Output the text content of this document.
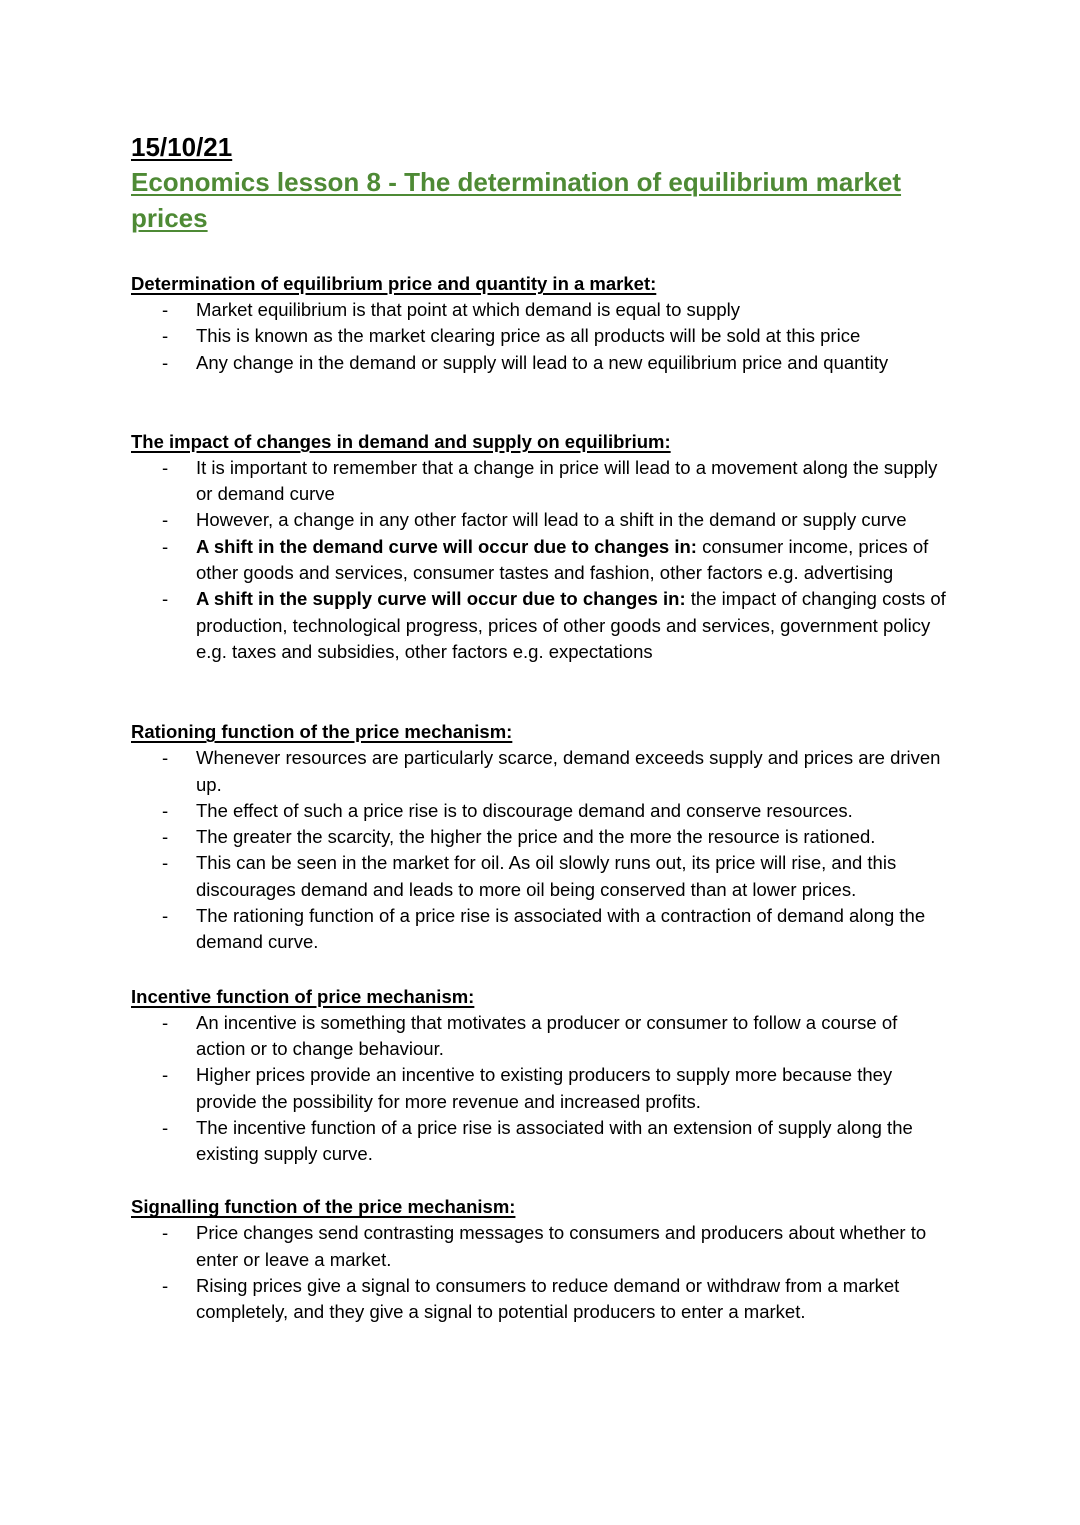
15/10/21

Economics lesson 8 - The determination of equilibrium market prices

Determination of equilibrium price and quantity in a market:

- Market equilibrium is that point at which demand is equal to supply
- This is known as the market clearing price as all products will be sold at this price
- Any change in the demand or supply will lead to a new equilibrium price and quantity

The impact of changes in demand and supply on equilibrium:

- It is important to remember that a change in price will lead to a movement along the supply or demand curve
- However, a change in any other factor will lead to a shift in the demand or supply curve
- A shift in the demand curve will occur due to changes in: consumer income, prices of other goods and services, consumer tastes and fashion, other factors e.g. advertising
- A shift in the supply curve will occur due to changes in: the impact of changing costs of production, technological progress, prices of other goods and services, government policy e.g. taxes and subsidies, other factors e.g. expectations

Rationing function of the price mechanism:

- Whenever resources are particularly scarce, demand exceeds supply and prices are driven up.
- The effect of such a price rise is to discourage demand and conserve resources.
- The greater the scarcity, the higher the price and the more the resource is rationed.
- This can be seen in the market for oil. As oil slowly runs out, its price will rise, and this discourages demand and leads to more oil being conserved than at lower prices.
- The rationing function of a price rise is associated with a contraction of demand along the demand curve.

Incentive function of price mechanism:

- An incentive is something that motivates a producer or consumer to follow a course of action or to change behaviour.
- Higher prices provide an incentive to existing producers to supply more because they provide the possibility for more revenue and increased profits.
- The incentive function of a price rise is associated with an extension of supply along the existing supply curve.

Signalling function of the price mechanism:

- Price changes send contrasting messages to consumers and producers about whether to enter or leave a market.
- Rising prices give a signal to consumers to reduce demand or withdraw from a market completely, and they give a signal to potential producers to enter a market.
